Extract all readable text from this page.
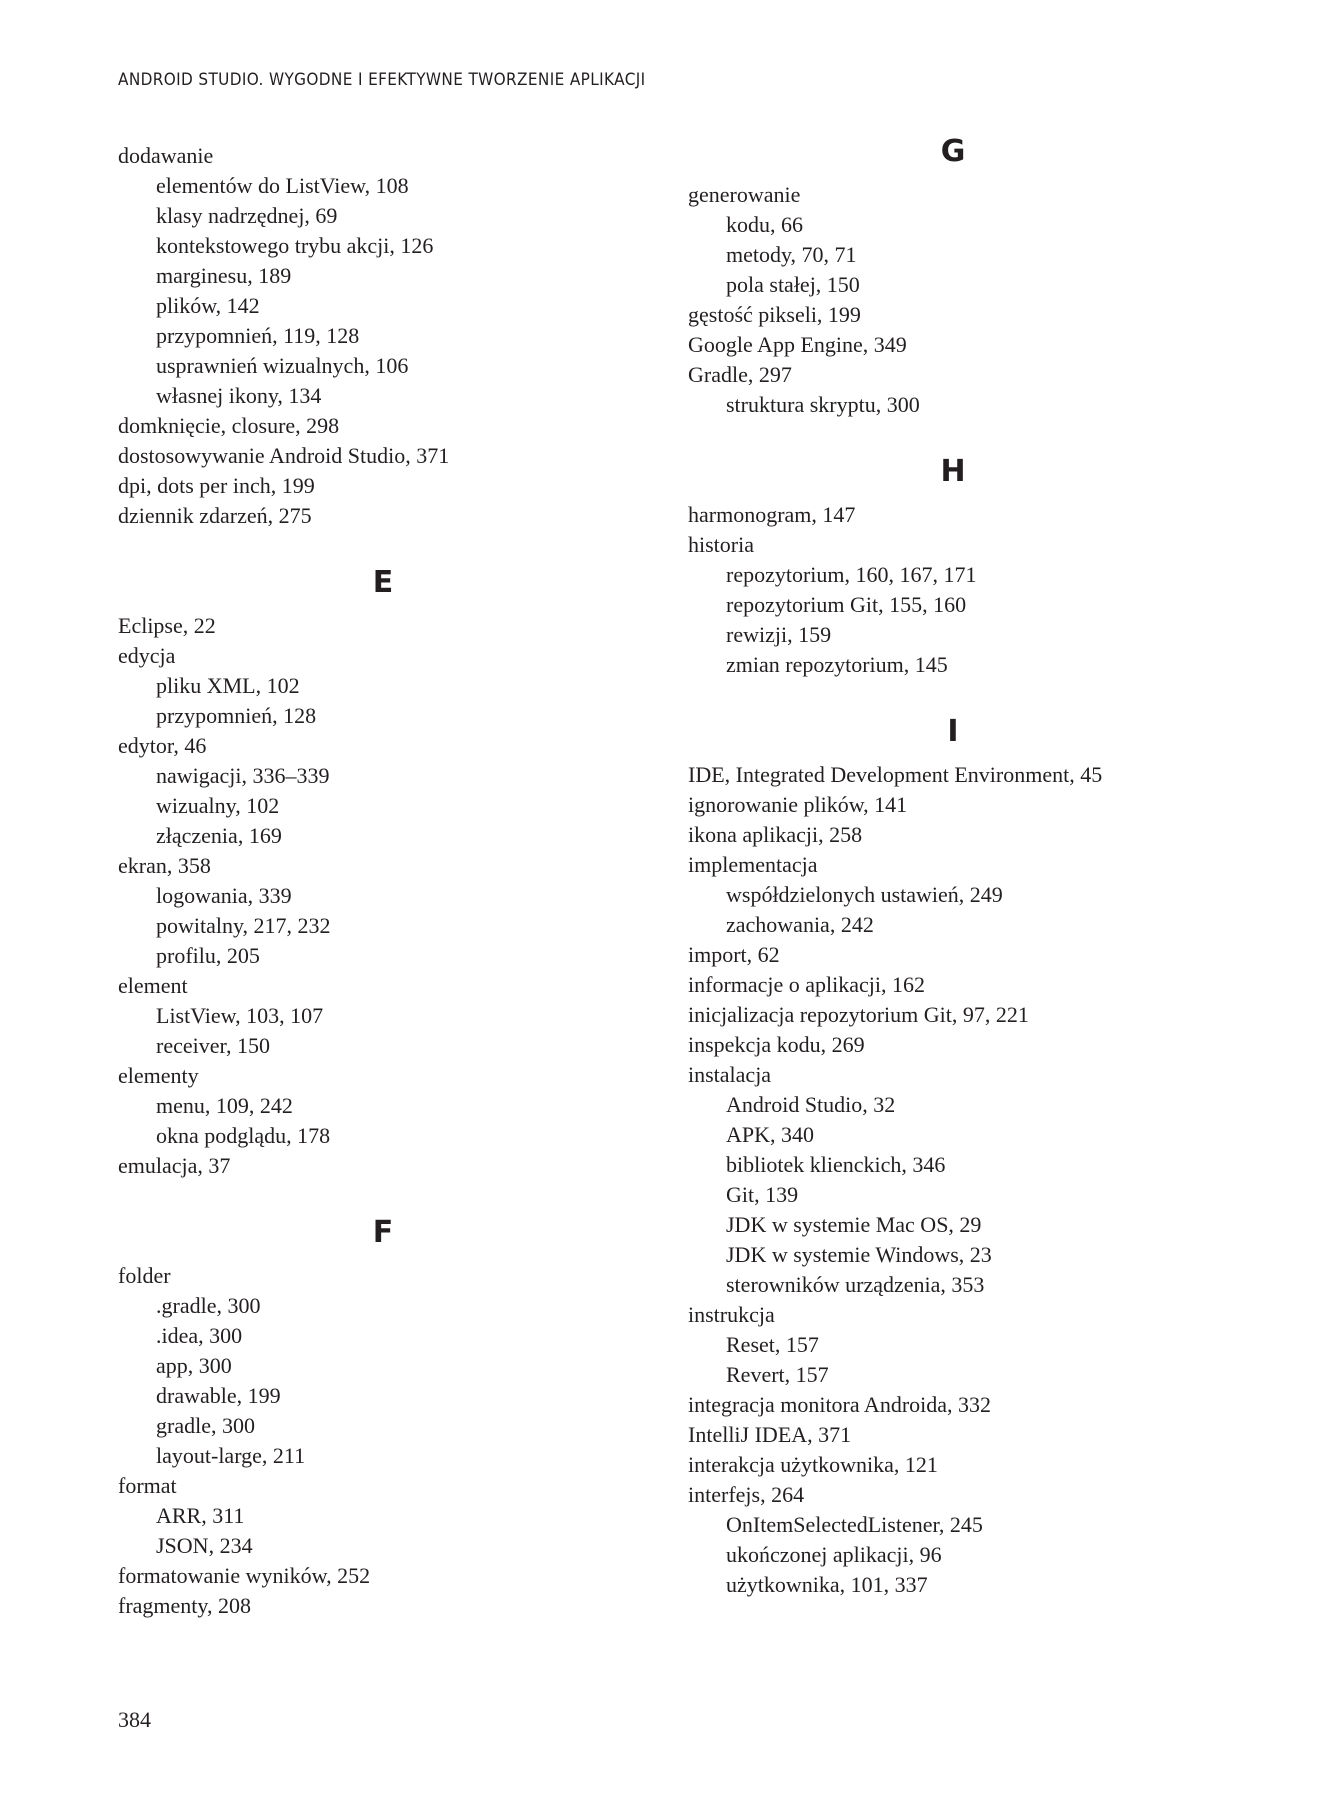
ANDROID STUDIO. WYGODNE I EFEKTYWNE TWORZENIE APLIKACJI
dodawanie
elementów do ListView, 108
klasy nadrzędnej, 69
kontekstowego trybu akcji, 126
marginesu, 189
plików, 142
przypomnień, 119, 128
usprawnień wizualnych, 106
własnej ikony, 134
domknięcie, closure, 298
dostosowywanie Android Studio, 371
dpi, dots per inch, 199
dziennik zdarzeń, 275
E
Eclipse, 22
edycja
pliku XML, 102
przypomnień, 128
edytor, 46
nawigacji, 336–339
wizualny, 102
złączenia, 169
ekran, 358
logowania, 339
powitalny, 217, 232
profilu, 205
element
ListView, 103, 107
receiver, 150
elementy
menu, 109, 242
okna podglądu, 178
emulacja, 37
F
folder
.gradle, 300
.idea, 300
app, 300
drawable, 199
gradle, 300
layout-large, 211
format
ARR, 311
JSON, 234
formatowanie wyników, 252
fragmenty, 208
G
generowanie
kodu, 66
metody, 70, 71
pola stałej, 150
gęstość pikseli, 199
Google App Engine, 349
Gradle, 297
struktura skryptu, 300
H
harmonogram, 147
historia
repozytorium, 160, 167, 171
repozytorium Git, 155, 160
rewizji, 159
zmian repozytorium, 145
I
IDE, Integrated Development Environment, 45
ignorowanie plików, 141
ikona aplikacji, 258
implementacja
współdzielonych ustawień, 249
zachowania, 242
import, 62
informacje o aplikacji, 162
inicjalizacja repozytorium Git, 97, 221
inspekcja kodu, 269
instalacja
Android Studio, 32
APK, 340
bibliotek klienckich, 346
Git, 139
JDK w systemie Mac OS, 29
JDK w systemie Windows, 23
sterowników urządzenia, 353
instrukcja
Reset, 157
Revert, 157
integracja monitora Androida, 332
IntelliJ IDEA, 371
interakcja użytkownika, 121
interfejs, 264
OnItemSelectedListener, 245
ukończonej aplikacji, 96
użytkownika, 101, 337
384
